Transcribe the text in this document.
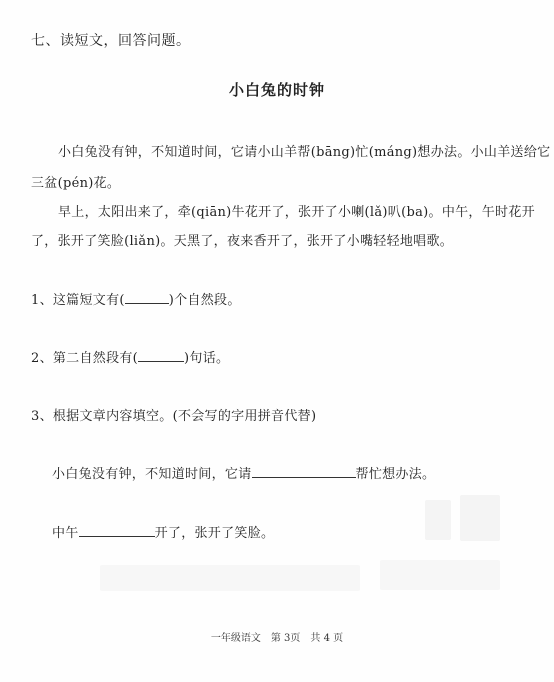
七、读短文，回答问题。
小白兔的时钟
小白兔没有钟，不知道时间，它请小山羊帮(bāng)忙(máng)想办法。小山羊送给它
三盆(pén)花。
早上，太阳出来了，牵(qiān)牛花开了，张开了小喇(lǎ)叭(ba)。中午，午时花开
了，张开了笑脸(liǎn)。天黑了，夜来香开了，张开了小嘴轻轻地唱歌。
1、这篇短文有(	)个自然段。
2、第二自然段有(	)句话。
3、根据文章内容填空。(不会写的字用拼音代替)
小白兔没有钟，不知道时间，它请	帮忙想办法。
中午	开了，张开了笑脸。
一年级语文　第 3页　共 4 页
